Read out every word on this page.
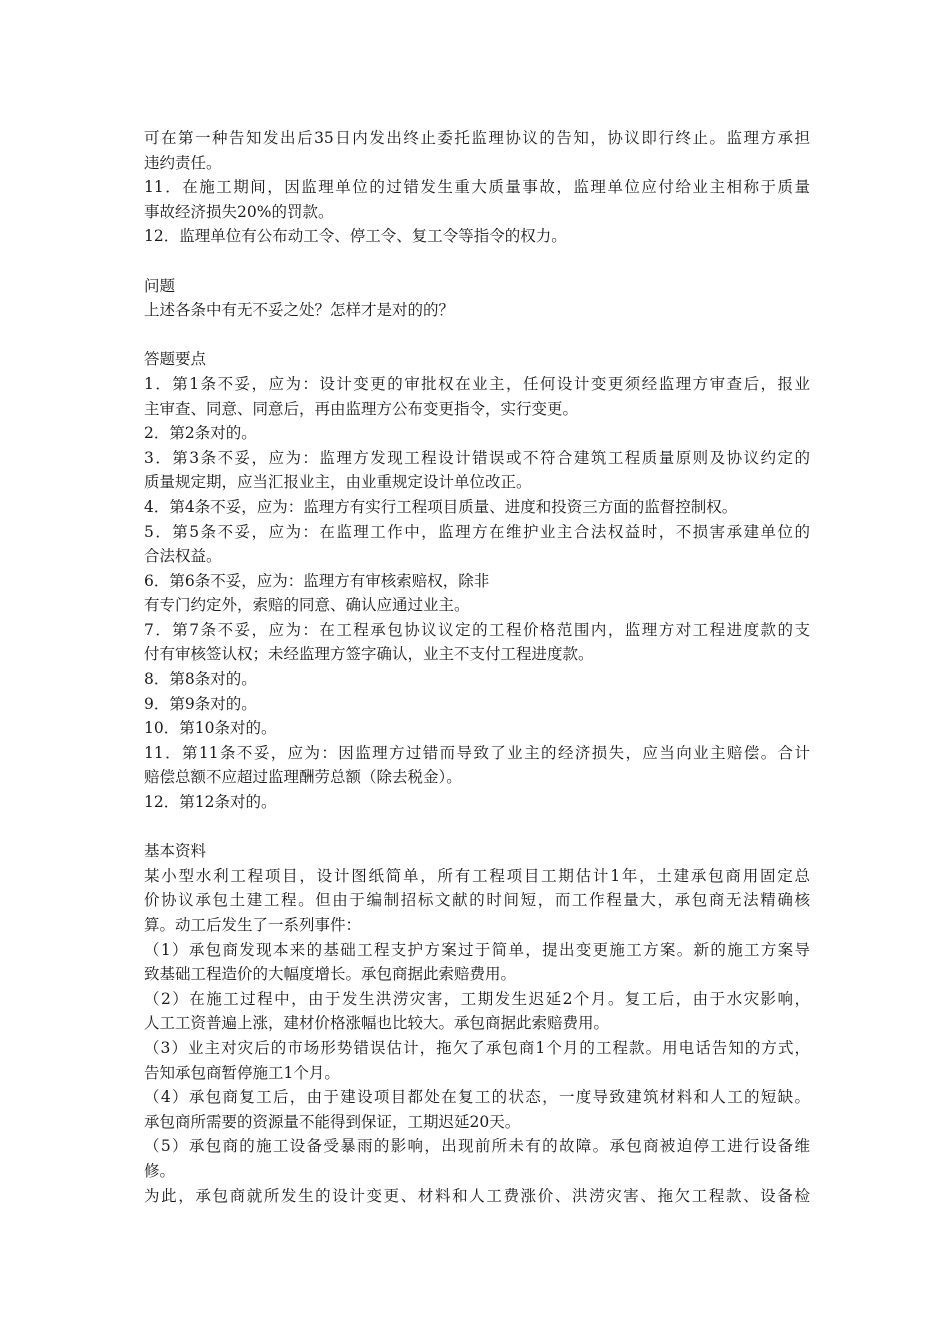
可在第一种告知发出后35日内发出终止委托监理协议的告知，协议即行终止。监理方承担
违约责任。
11．在施工期间，因监理单位的过错发生重大质量事故，监理单位应付给业主相称于质量
事故经济损失20%的罚款。
12．监理单位有公布动工令、停工令、复工令等指令的权力。
问题
上述各条中有无不妥之处？怎样才是对的的？
答题要点
1．第1条不妥，应为：设计变更的审批权在业主，任何设计变更须经监理方审查后，报业
主审查、同意、同意后，再由监理方公布变更指令，实行变更。
2．第2条对的。
3．第3条不妥，应为：监理方发现工程设计错误或不符合建筑工程质量原则及协议约定的
质量规定期，应当汇报业主，由业重规定设计单位改正。
4．第4条不妥，应为：监理方有实行工程项目质量、进度和投资三方面的监督控制权。
5．第5条不妥，应为：在监理工作中，监理方在维护业主合法权益时，不损害承建单位的
合法权益。
6．第6条不妥，应为：监理方有审核索赔权，除非
有专门约定外，索赔的同意、确认应通过业主。
7．第7条不妥，应为：在工程承包协议议定的工程价格范围内，监理方对工程进度款的支
付有审核签认权；未经监理方签字确认，业主不支付工程进度款。
8．第8条对的。
9．第9条对的。
10．第10条对的。
11．第11条不妥，应为：因监理方过错而导致了业主的经济损失，应当向业主赔偿。合计
赔偿总额不应超过监理酬劳总额（除去税金）。
12．第12条对的。
基本资料
某小型水利工程项目，设计图纸简单，所有工程项目工期估计1年，土建承包商用固定总
价协议承包土建工程。但由于编制招标文献的时间短，而工作程量大，承包商无法精确核
算。动工后发生了一系列事件：
（1）承包商发现本来的基础工程支护方案过于简单，提出变更施工方案。新的施工方案导
致基础工程造价的大幅度增长。承包商据此索赔费用。
（2）在施工过程中，由于发生洪涝灾害，工期发生迟延2个月。复工后，由于水灾影响，
人工工资普遍上涨，建材价格涨幅也比较大。承包商据此索赔费用。
（3）业主对灾后的市场形势错误估计，拖欠了承包商1个月的工程款。用电话告知的方式，
告知承包商暂停施工1个月。
（4）承包商复工后，由于建设项目都处在复工的状态，一度导致建筑材料和人工的短缺。
承包商所需要的资源量不能得到保证，工期迟延20天。
（5）承包商的施工设备受暴雨的影响，出现前所未有的故障。承包商被迫停工进行设备维
修。
为此，承包商就所发生的设计变更、材料和人工费涨价、洪涝灾害、拖欠工程款、设备检
